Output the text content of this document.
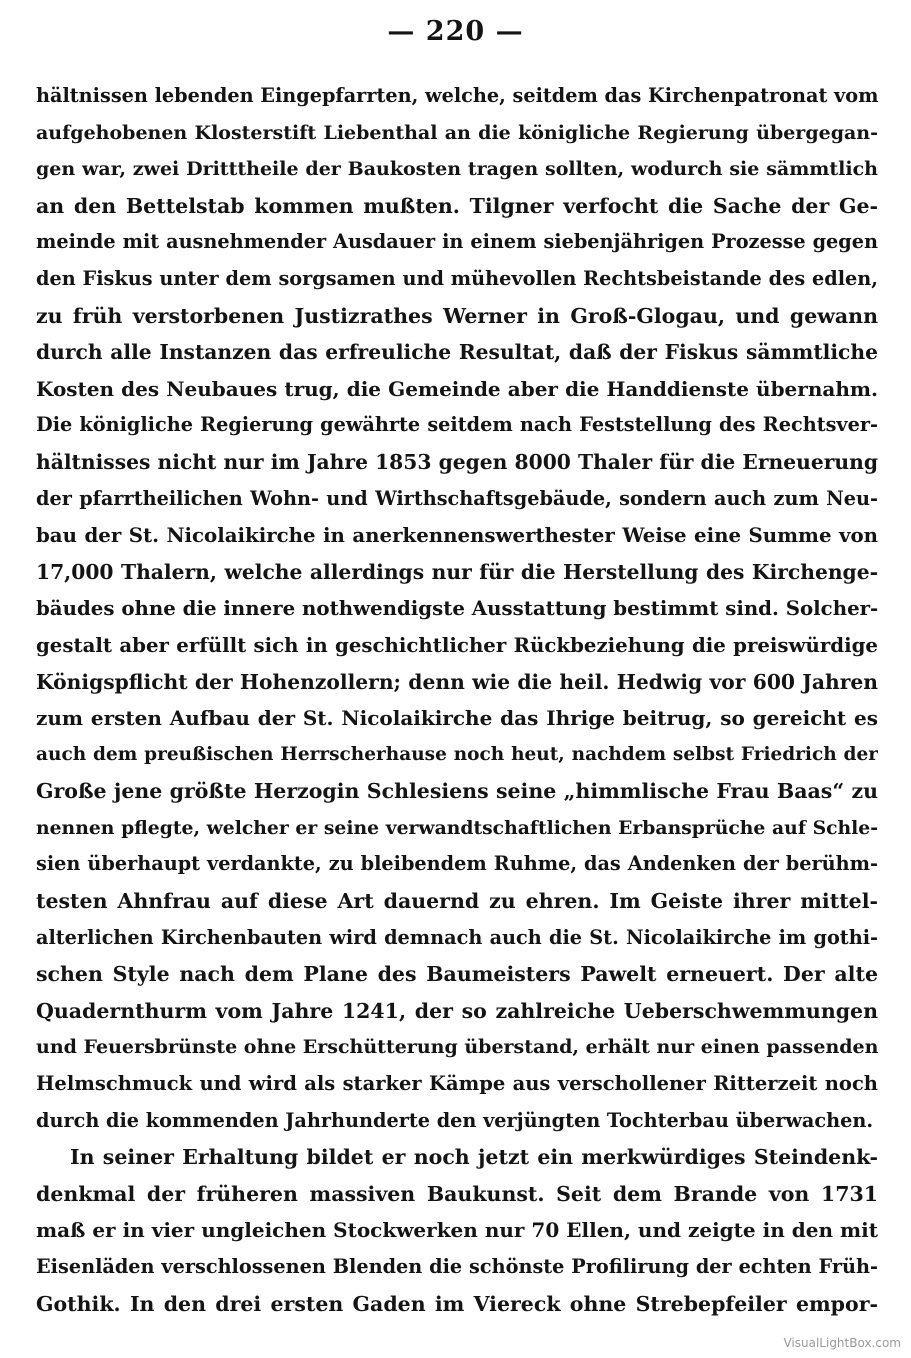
— 220 —
hältnissen lebenden Eingepfarrten, welche, seitdem das Kirchenpatronat vom
aufgehobenen Klosterstift Liebenthal an die königliche Regierung übergegan-
gen war, zwei Dritttheile der Baukosten tragen sollten, wodurch sie sämmtlich
an den Bettelstab kommen mußten. Tilgner verfocht die Sache der Ge-
meinde mit ausnehmender Ausdauer in einem siebenjährigen Prozesse gegen
den Fiskus unter dem sorgsamen und mühevollen Rechtsbeistande des edlen,
zu früh verstorbenen Justizrathes Werner in Groß-Glogau, und gewann
durch alle Instanzen das erfreuliche Resultat, daß der Fiskus sämmtliche
Kosten des Neubaues trug, die Gemeinde aber die Handdienste übernahm.
Die königliche Regierung gewährte seitdem nach Feststellung des Rechtsver-
hältnisses nicht nur im Jahre 1853 gegen 8000 Thaler für die Erneuerung
der pfarrtheilichen Wohn- und Wirthschaftsgebäude, sondern auch zum Neu-
bau der St. Nicolaikirche in anerkennenswerthester Weise eine Summe von
17,000 Thalern, welche allerdings nur für die Herstellung des Kirchenge-
bäudes ohne die innere nothwendigste Ausstattung bestimmt sind. Solcher-
gestalt aber erfüllt sich in geschichtlicher Rückbeziehung die preiswürdige
Königspflicht der Hohenzollern; denn wie die heil. Hedwig vor 600 Jahren
zum ersten Aufbau der St. Nicolaikirche das Ihrige beitrug, so gereicht es
auch dem preußischen Herrscherhause noch heut, nachdem selbst Friedrich der
Große jene größte Herzogin Schlesiens seine „himmlische Frau Baas“ zu
nennen pflegte, welcher er seine verwandtschaftlichen Erbansprüche auf Schle-
sien überhaupt verdankte, zu bleibendem Ruhme, das Andenken der berühm-
testen Ahnfrau auf diese Art dauernd zu ehren. Im Geiste ihrer mittel-
alterlichen Kirchenbauten wird demnach auch die St. Nicolaikirche im gothi-
schen Style nach dem Plane des Baumeisters Pawelt erneuert. Der alte
Quadernthurm vom Jahre 1241, der so zahlreiche Ueberschwemmungen
und Feuersbrünste ohne Erschütterung überstand, erhält nur einen passenden
Helmschmuck und wird als starker Kämpe aus verschollener Ritterzeit noch
durch die kommenden Jahrhunderte den verjüngten Tochterbau überwachen.
In seiner Erhaltung bildet er noch jetzt ein merkwürdiges Steindenk-
denkmal der früheren massiven Baukunst. Seit dem Brande von 1731
maß er in vier ungleichen Stockwerken nur 70 Ellen, und zeigte in den mit
Eisenläden verschlossenen Blenden die schönste Profilirung der echten Früh-
Gothik. In den drei ersten Gaden im Viereck ohne Strebepfeiler empor-
VisualLightBox.com
